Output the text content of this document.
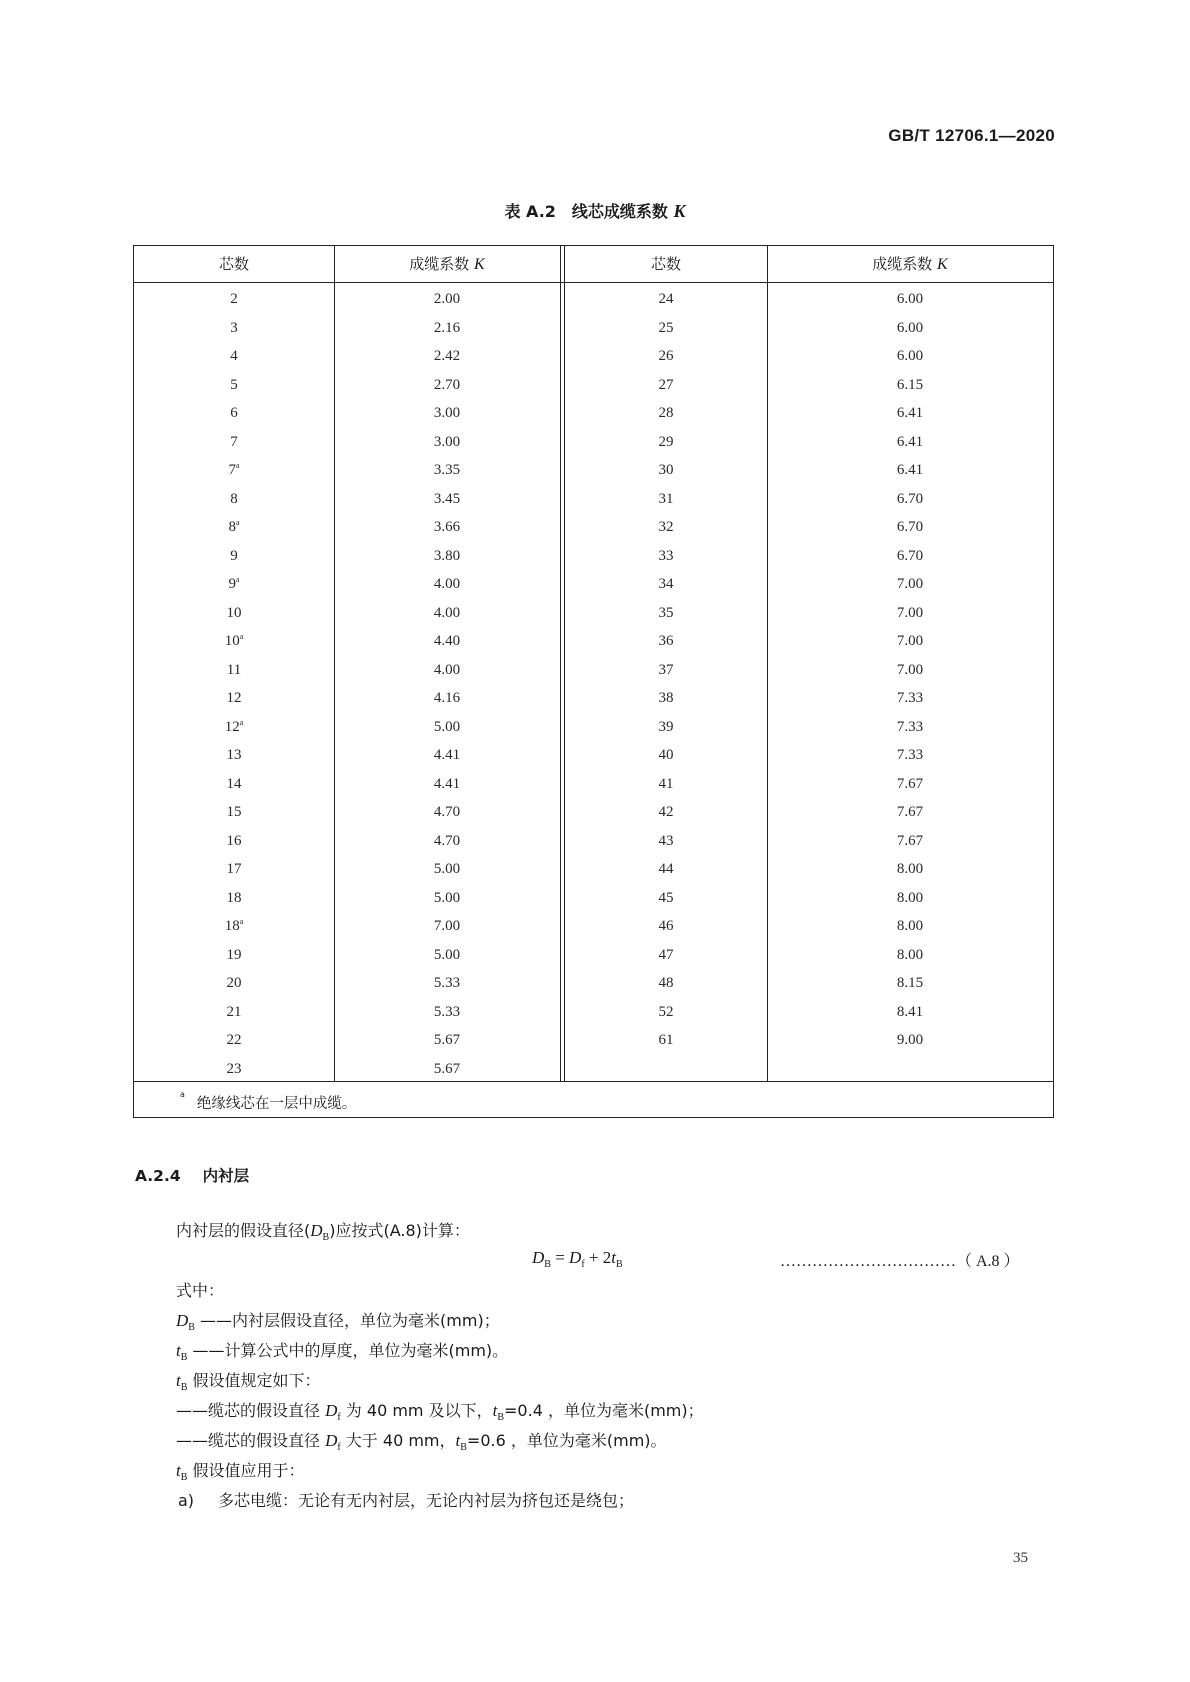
GB/T 12706.1—2020
表 A.2　线芯成缆系数 K
芯数	成缆系数 K	芯数	成缆系数 K
2	2.00	24	6.00
3	2.16	25	6.00
4	2.42	26	6.00
5	2.70	27	6.15
6	3.00	28	6.41
7	3.00	29	6.41
7$^a$	3.35	30	6.41
8	3.45	31	6.70
8$^a$	3.66	32	6.70
9	3.80	33	6.70
9$^a$	4.00	34	7.00
10	4.00	35	7.00
10$^a$	4.40	36	7.00
11	4.00	37	7.00
12	4.16	38	7.33
12$^a$	5.00	39	7.33
13	4.41	40	7.33
14	4.41	41	7.67
15	4.70	42	7.67
16	4.70	43	7.67
17	5.00	44	8.00
18	5.00	45	8.00
18$^a$	7.00	46	8.00
19	5.00	47	8.00
20	5.33	48	8.15
21	5.33	52	8.41
22	5.67	61	9.00
23	5.67
$^a$绝缘线芯在一层中成缆。
A.2.4 内衬层
内衬层的假设直径$(D_B)$应按式(A.8)计算：
$D_B = D_f + 2t_B$	……………………………（ A.8 ）
式中：
$D_B$ ——内衬层假设直径，单位为毫米(mm)；
$t_B$ ——计算公式中的厚度，单位为毫米(mm)。
$t_B$ 假设值规定如下：
——缆芯的假设直径 $D_f$ 为 40 mm 及以下，$t_B=0.4$ ，单位为毫米(mm)；
——缆芯的假设直径 $D_f$ 大于 40 mm，$t_B=0.6$ ，单位为毫米(mm)。
$t_B$ 假设值应用于：
a) 多芯电缆：无论有无内衬层，无论内衬层为挤包还是绕包；
35
